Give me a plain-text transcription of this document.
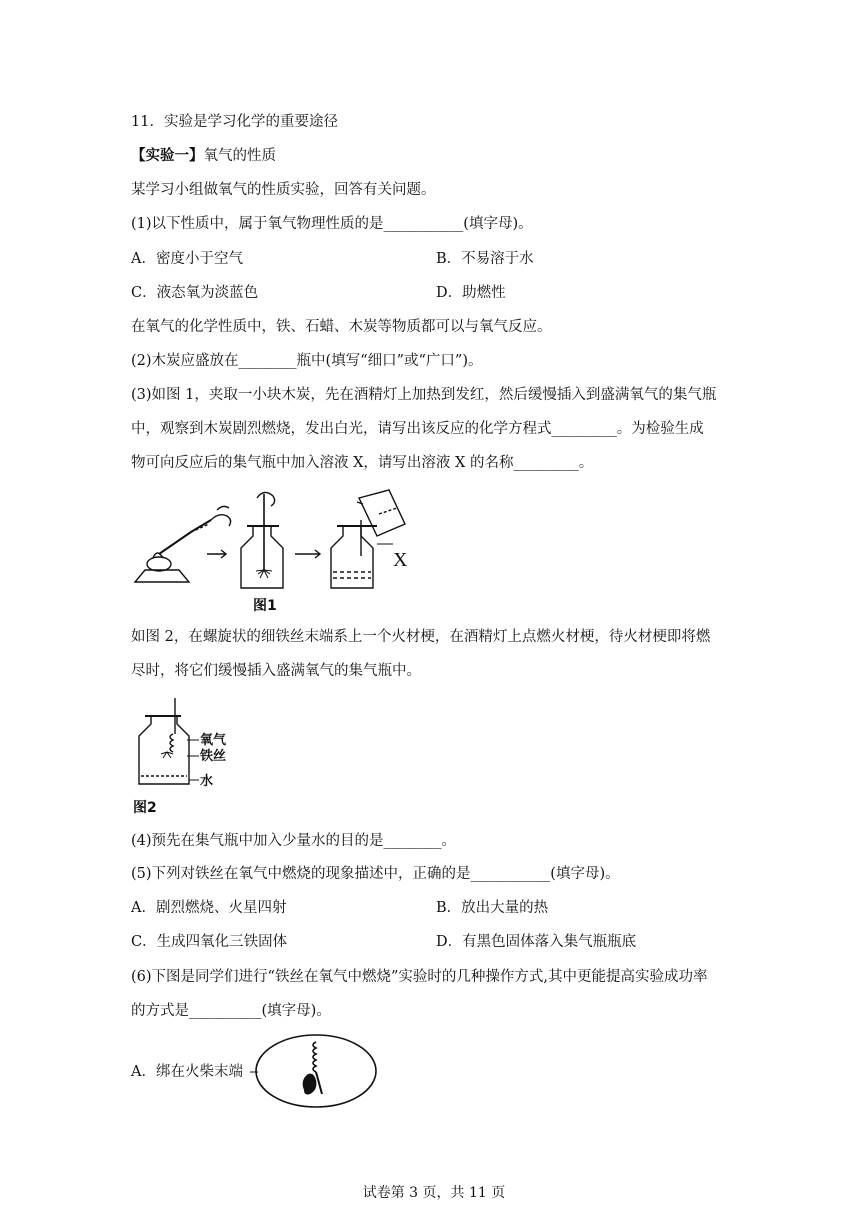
11．实验是学习化学的重要途径
【实验一】氧气的性质
某学习小组做氧气的性质实验，回答有关问题。
(1)以下性质中，属于氧气物理性质的是___________(填字母)。
A．密度小于空气	B．不易溶于水
C．液态氧为淡蓝色	D．助燃性
在氧气的化学性质中，铁、石蜡、木炭等物质都可以与氧气反应。
(2)木炭应盛放在________瓶中(填写“细口”或“广口”)。
(3)如图 1，夹取一小块木炭，先在酒精灯上加热到发红，然后缓慢插入到盛满氧气的集气瓶
中，观察到木炭剧烈燃烧，发出白光，请写出该反应的化学方程式_________。为检验生成
物可向反应后的集气瓶中加入溶液 X，请写出溶液 X 的名称_________。
X
图1
如图 2，在螺旋状的细铁丝末端系上一个火材梗，在酒精灯上点燃火材梗，待火材梗即将燃
尽时，将它们缓慢插入盛满氧气的集气瓶中。
氧气
铁丝
水
图2
(4)预先在集气瓶中加入少量水的目的是________。
(5)下列对铁丝在氧气中燃烧的现象描述中，正确的是___________(填字母)。
A．剧烈燃烧、火星四射	B．放出大量的热
C．生成四氧化三铁固体	D．有黑色固体落入集气瓶瓶底
(6)下图是同学们进行“铁丝在氧气中燃烧”实验时的几种操作方式,其中更能提高实验成功率
的方式是__________(填字母)。
A．绑在火柴末端
试卷第 3 页，共 11 页
